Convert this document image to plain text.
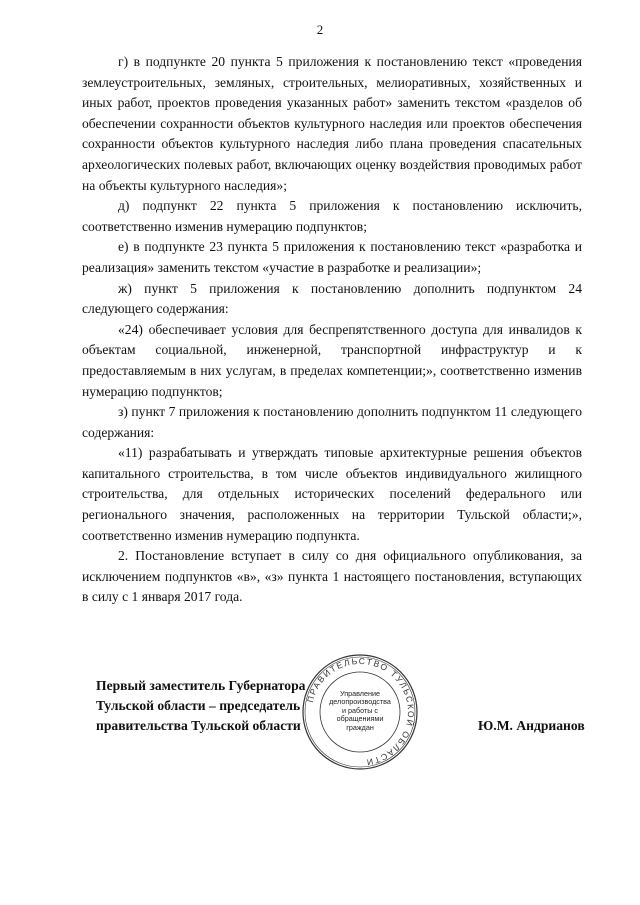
2

г) в подпункте 20 пункта 5 приложения к постановлению текст «проведения землеустроительных, земляных, строительных, мелиоративных, хозяйственных и иных работ, проектов проведения указанных работ» заменить текстом «разделов об обеспечении сохранности объектов культурного наследия или проектов обеспечения сохранности объектов культурного наследия либо плана проведения спасательных археологических полевых работ, включающих оценку воздействия проводимых работ на объекты культурного наследия»;

д) подпункт 22 пункта 5 приложения к постановлению исключить, соответственно изменив нумерацию подпунктов;

е) в подпункте 23 пункта 5 приложения к постановлению текст «разработка и реализация» заменить текстом «участие в разработке и реализации»;

ж) пункт 5 приложения к постановлению дополнить подпунктом 24 следующего содержания:

«24) обеспечивает условия для беспрепятственного доступа для инвалидов к объектам социальной, инженерной, транспортной инфраструктур и к предоставляемым в них услугам, в пределах компетенции;», соответственно изменив нумерацию подпунктов;

з) пункт 7 приложения к постановлению дополнить подпунктом 11 следующего содержания:

«11) разрабатывать и утверждать типовые архитектурные решения объектов капитального строительства, в том числе объектов индивидуального жилищного строительства, для отдельных исторических поселений федерального или регионального значения, расположенных на территории Тульской области;», соответственно изменив нумерацию подпункта.

2. Постановление вступает в силу со дня официального опубликования, за исключением подпунктов «в», «з» пункта 1 настоящего постановления, вступающих в силу с 1 января 2017 года.

ПРАВИТЕЛЬСТВО ТУЛЬСКОЙ ОБЛАСТИ
Управление делопроизводства и работы с обращениями граждан
Первый заместитель Губернатора
Тульской области – председатель
правительства Тульской области	Ю.М. Андрианов
